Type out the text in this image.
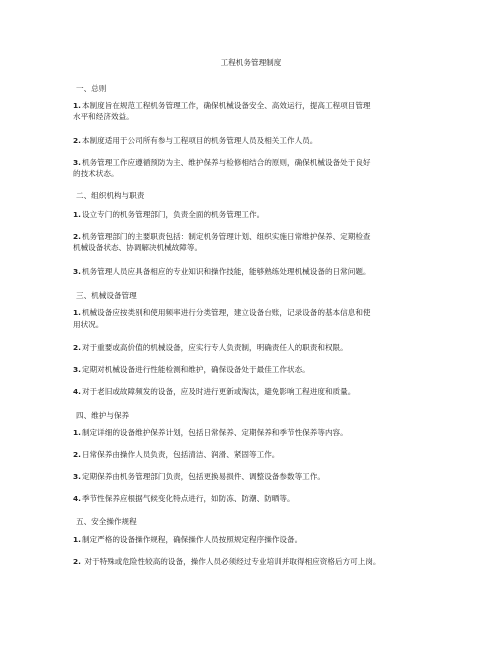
工程机务管理制度
一、总则
1.本制度旨在规范工程机务管理工作，确保机械设备安全、高效运行，提高工程项目管理
水平和经济效益。
2.本制度适用于公司所有参与工程项目的机务管理人员及相关工作人员。
3.机务管理工作应遵循预防为主、维护保养与检修相结合的原则，确保机械设备处于良好
的技术状态。
二、组织机构与职责
1.设立专门的机务管理部门，负责全面的机务管理工作。
2.机务管理部门的主要职责包括：制定机务管理计划、组织实施日常维护保养、定期检查
机械设备状态、协调解决机械故障等。
3.机务管理人员应具备相应的专业知识和操作技能，能够熟练处理机械设备的日常问题。
三、机械设备管理
1.机械设备应按类别和使用频率进行分类管理，建立设备台账，记录设备的基本信息和使
用状况。
2.对于重要或高价值的机械设备，应实行专人负责制，明确责任人的职责和权限。
3.定期对机械设备进行性能检测和维护，确保设备处于最佳工作状态。
4.对于老旧或故障频发的设备，应及时进行更新或淘汰，避免影响工程进度和质量。
四、维护与保养
1.制定详细的设备维护保养计划，包括日常保养、定期保养和季节性保养等内容。
2.日常保养由操作人员负责，包括清洁、润滑、紧固等工作。
3.定期保养由机务管理部门负责，包括更换易损件、调整设备参数等工作。
4.季节性保养应根据气候变化特点进行，如防冻、防潮、防晒等。
五、安全操作规程
1.制定严格的设备操作规程，确保操作人员按照规定程序操作设备。
2. 对于特殊或危险性较高的设备，操作人员必须经过专业培训并取得相应资格后方可上岗。
